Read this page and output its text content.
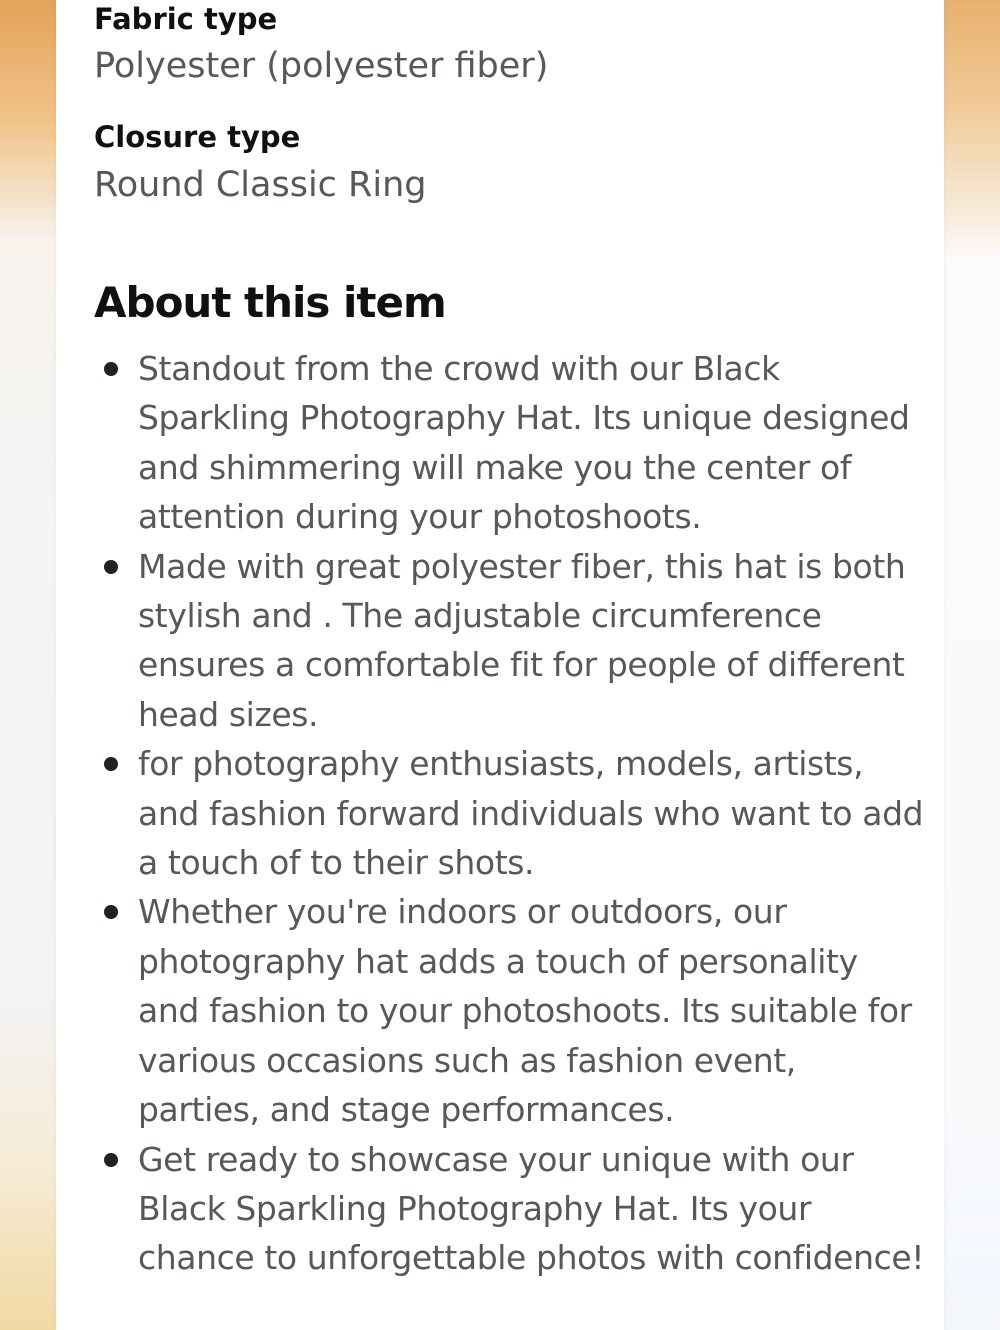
Fabric type
Polyester (polyester fiber)
Closure type
Round Classic Ring
About this item
Standout from the crowd with our Black Sparkling Photography Hat. Its unique designed and shimmering will make you the center of attention during your photoshoots.
Made with great polyester fiber, this hat is both stylish and . The adjustable circumference ensures a comfortable fit for people of different head sizes.
for photography enthusiasts, models, artists, and fashion forward individuals who want to add a touch of to their shots.
Whether you're indoors or outdoors, our photography hat adds a touch of personality and fashion to your photoshoots. Its suitable for various occasions such as fashion event, parties, and stage performances.
Get ready to showcase your unique with our Black Sparkling Photography Hat. Its your chance to unforgettable photos with confidence!
